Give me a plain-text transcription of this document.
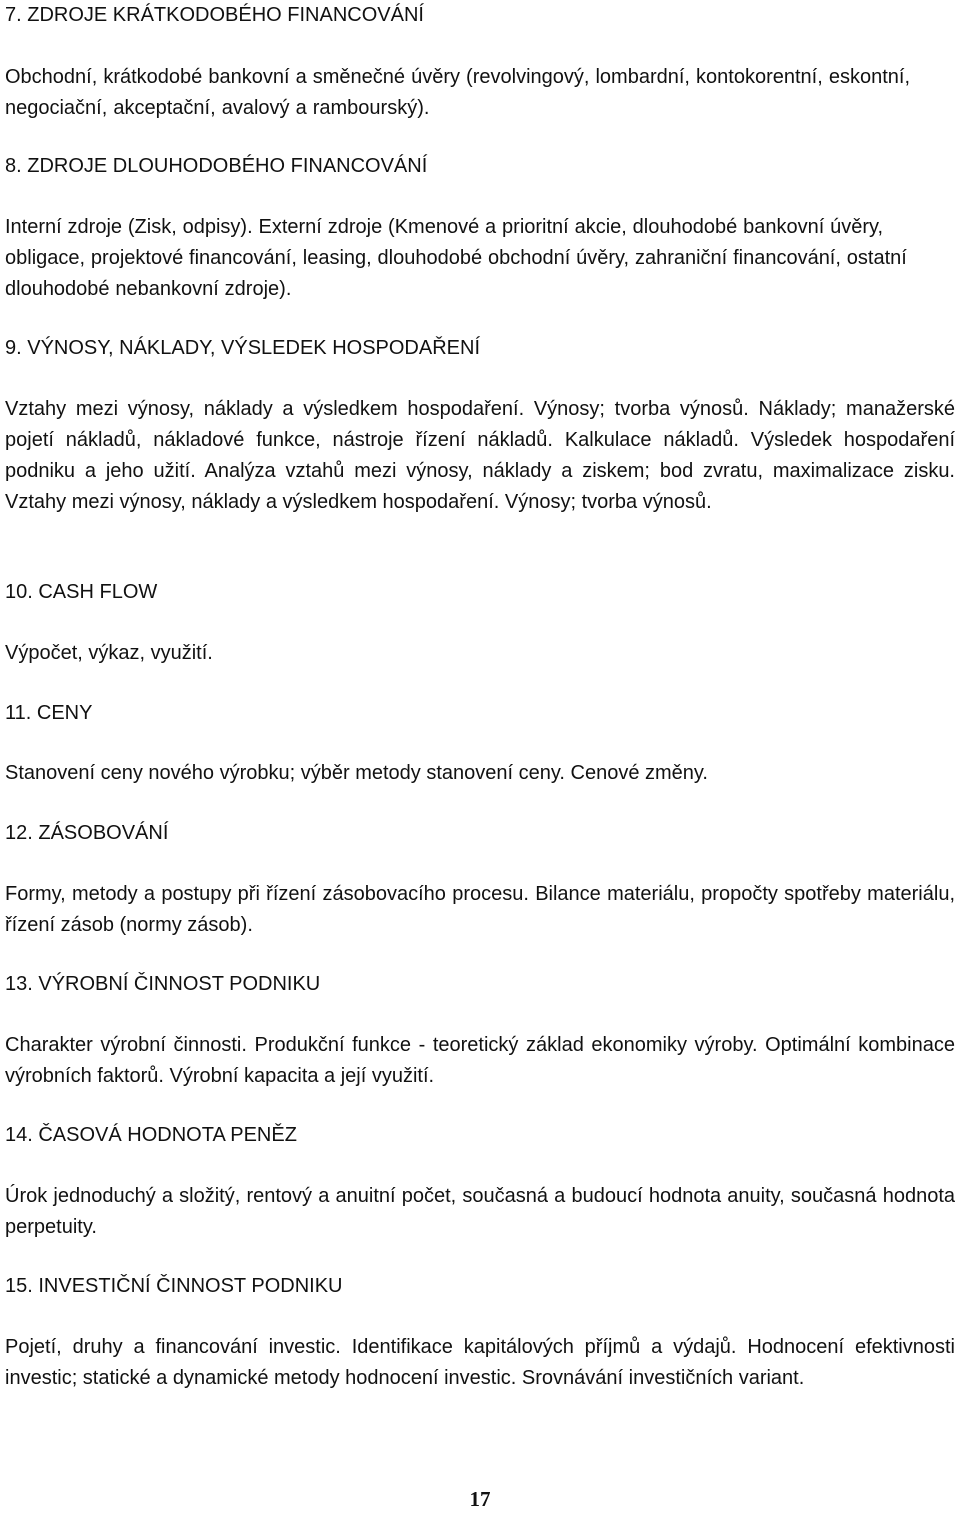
7. ZDROJE KRÁTKODOBÉHO FINANCOVÁNÍ

Obchodní, krátkodobé bankovní a směnečné úvěry (revolvingový, lombardní, kontokorentní, eskontní, negociační, akceptační, avalový a rambourský).

8. ZDROJE DLOUHODOBÉHO FINANCOVÁNÍ

Interní zdroje (Zisk, odpisy). Externí zdroje (Kmenové a prioritní akcie, dlouhodobé bankovní úvěry, obligace, projektové financování, leasing, dlouhodobé obchodní úvěry, zahraniční financování, ostatní dlouhodobé nebankovní zdroje).

9. VÝNOSY, NÁKLADY, VÝSLEDEK HOSPODAŘENÍ

Vztahy mezi výnosy, náklady a výsledkem hospodaření. Výnosy; tvorba výnosů. Náklady; manažerské pojetí nákladů, nákladové funkce, nástroje řízení nákladů. Kalkulace nákladů. Výsledek hospodaření podniku a jeho užití. Analýza vztahů mezi výnosy, náklady a ziskem; bod zvratu, maximalizace zisku. Vztahy mezi výnosy, náklady a výsledkem hospodaření. Výnosy; tvorba výnosů.

10. CASH FLOW

Výpočet, výkaz, využití.

11. CENY

Stanovení ceny nového výrobku; výběr metody stanovení ceny. Cenové změny.

12. ZÁSOBOVÁNÍ

Formy, metody a postupy při řízení zásobovacího procesu. Bilance materiálu, propočty spotřeby materiálu, řízení zásob (normy zásob).

13. VÝROBNÍ ČINNOST PODNIKU

Charakter výrobní činnosti. Produkční funkce - teoretický základ ekonomiky výroby. Optimální kombinace výrobních faktorů. Výrobní kapacita a její využití.

14. ČASOVÁ HODNOTA PENĚZ

Úrok jednoduchý a složitý, rentový a anuitní počet, současná a budoucí hodnota anuity, současná hodnota perpetuity.

15. INVESTIČNÍ ČINNOST PODNIKU

Pojetí, druhy a financování investic. Identifikace kapitálových příjmů a výdajů. Hodnocení efektivnosti investic; statické a dynamické metody hodnocení investic. Srovnávání investičních variant.

17
